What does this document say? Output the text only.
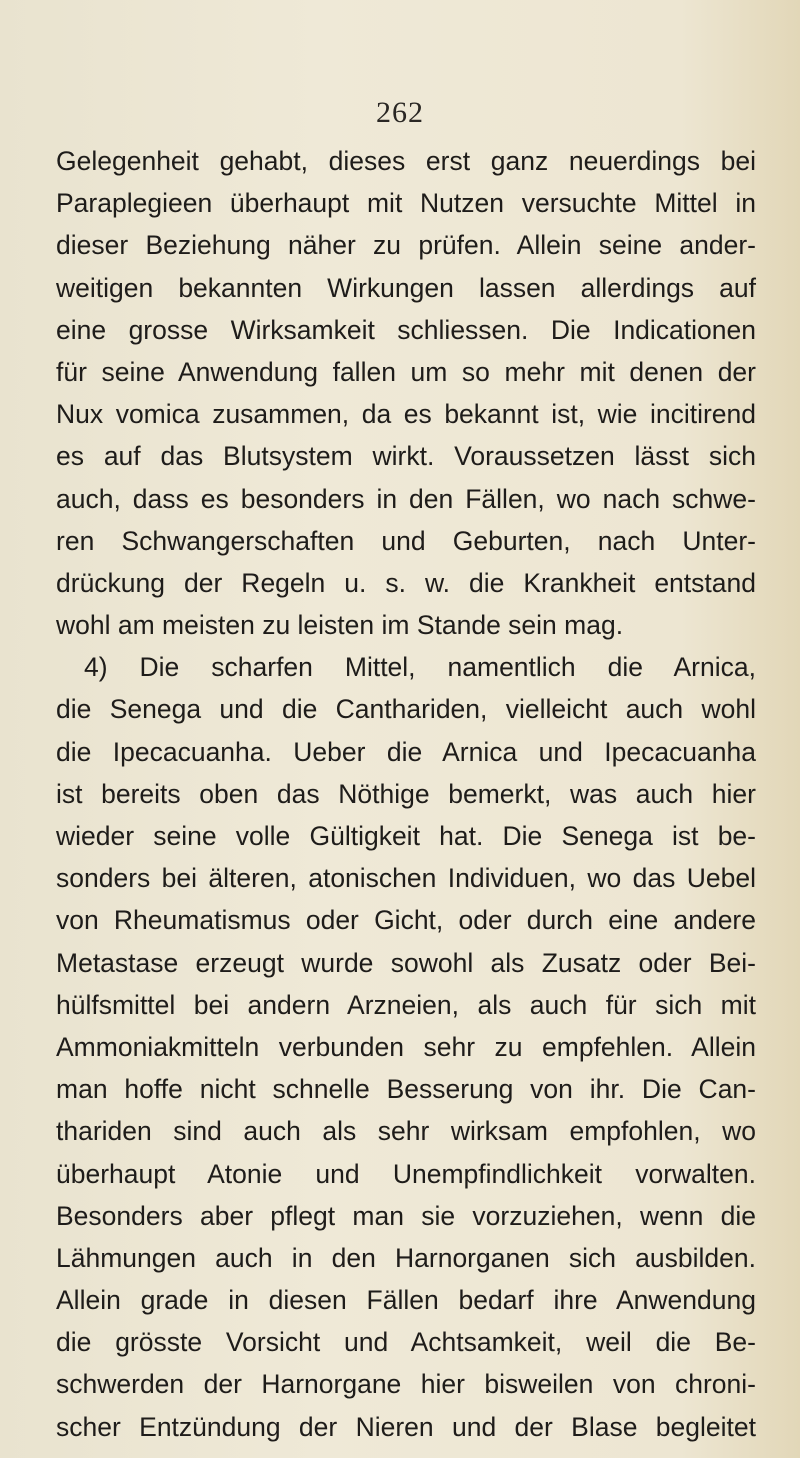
262
Gelegenheit gehabt, dieses erst ganz neuerdings bei
Paraplegieen überhaupt mit Nutzen versuchte Mittel in
dieser Beziehung näher zu prüfen. Allein seine ander-
weitigen bekannten Wirkungen lassen allerdings auf
eine grosse Wirksamkeit schliessen. Die Indicationen
für seine Anwendung fallen um so mehr mit denen der
Nux vomica zusammen, da es bekannt ist, wie incitirend
es auf das Blutsystem wirkt. Voraussetzen lässt sich
auch, dass es besonders in den Fällen, wo nach schwe-
ren Schwangerschaften und Geburten, nach Unter-
drückung der Regeln u. s. w. die Krankheit entstand
wohl am meisten zu leisten im Stande sein mag.
4) Die scharfen Mittel, namentlich die Arnica,
die Senega und die Canthariden, vielleicht auch wohl
die Ipecacuanha. Ueber die Arnica und Ipecacuanha
ist bereits oben das Nöthige bemerkt, was auch hier
wieder seine volle Gültigkeit hat. Die Senega ist be-
sonders bei älteren, atonischen Individuen, wo das Uebel
von Rheumatismus oder Gicht, oder durch eine andere
Metastase erzeugt wurde sowohl als Zusatz oder Bei-
hülfsmittel bei andern Arzneien, als auch für sich mit
Ammoniakmitteln verbunden sehr zu empfehlen. Allein
man hoffe nicht schnelle Besserung von ihr. Die Can-
thariden sind auch als sehr wirksam empfohlen, wo
überhaupt Atonie und Unempfindlichkeit vorwalten.
Besonders aber pflegt man sie vorzuziehen, wenn die
Lähmungen auch in den Harnorganen sich ausbilden.
Allein grade in diesen Fällen bedarf ihre Anwendung
die grösste Vorsicht und Achtsamkeit, weil die Be-
schwerden der Harnorgane hier bisweilen von chroni-
scher Entzündung der Nieren und der Blase begleitet
